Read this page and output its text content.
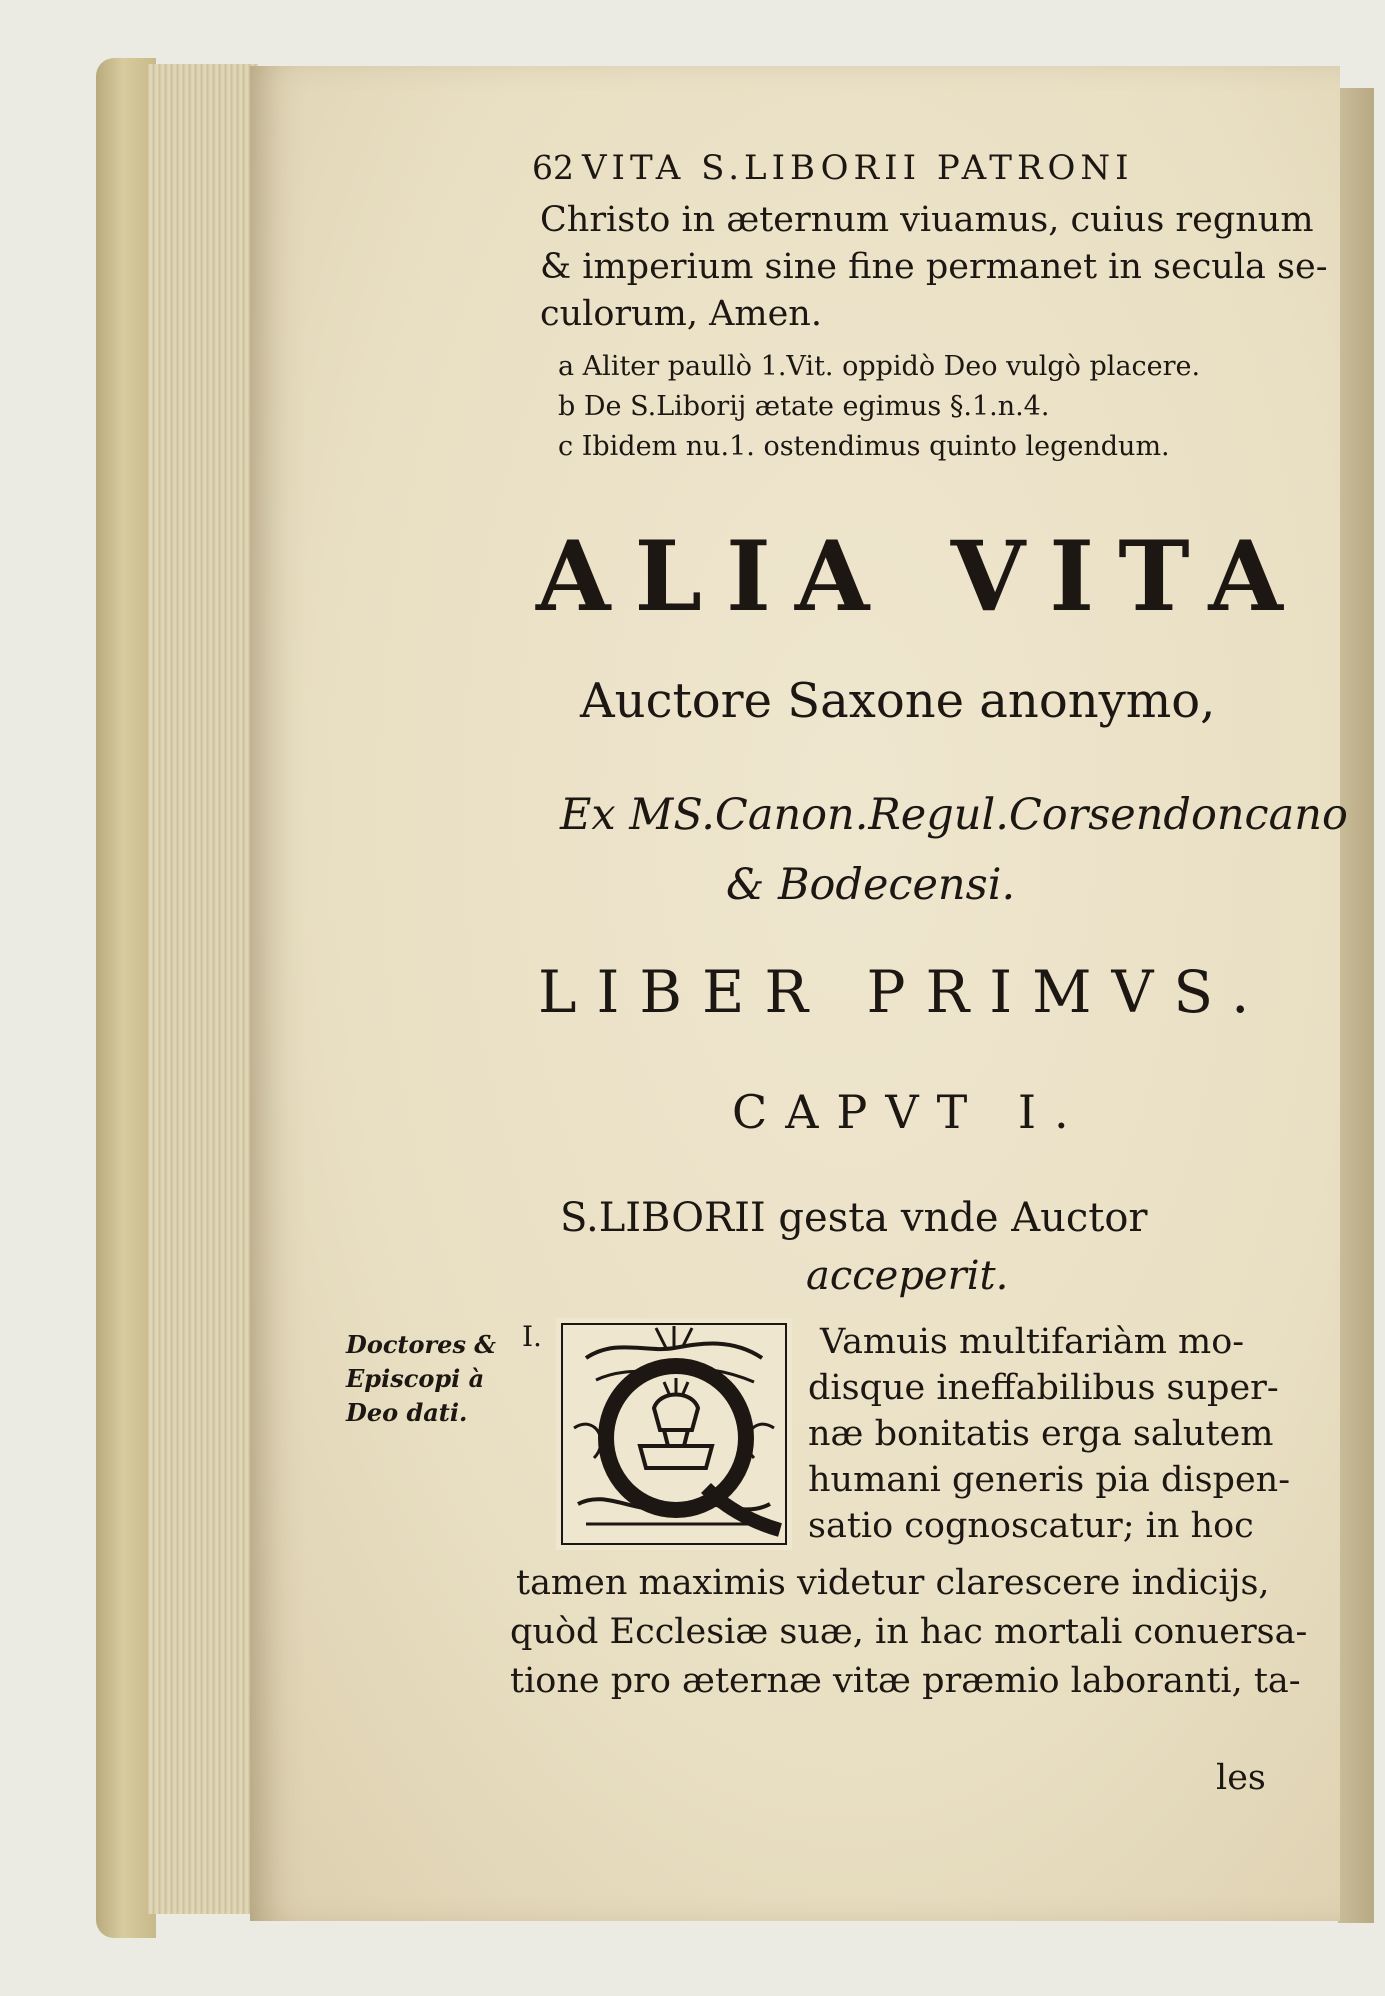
62 VITA S.LIBORII PATRONI
Christo in æternum viuamus, cuius regnum
& imperium sine fine permanet in secula se-
culorum, Amen.
a Aliter paullò 1.Vit. oppidò Deo vulgò placere.
b De S.Liborij ætate egimus §.1.n.4.
c Ibidem nu.1. ostendimus quinto legendum.
ALIA VITA
Auctore Saxone anonymo,
Ex MS.Canon.Regul.Corsendoncano
& Bodecensi.
LIBER PRIMVS.
CAPVT I.
S.LIBORII gesta vnde Auctor
acceperit.
Doctores &
Episcopi à
Deo dati.
I.	Vamuis multifariàm mo-
disque ineffabilibus super-
næ bonitatis erga salutem
humani generis pia dispen-
satio cognoscatur; in hoc
tamen maximis videtur clarescere indicijs,
quòd Ecclesiæ suæ, in hac mortali conuersa-
tione pro æternæ vitæ præmio laboranti, ta-
les
